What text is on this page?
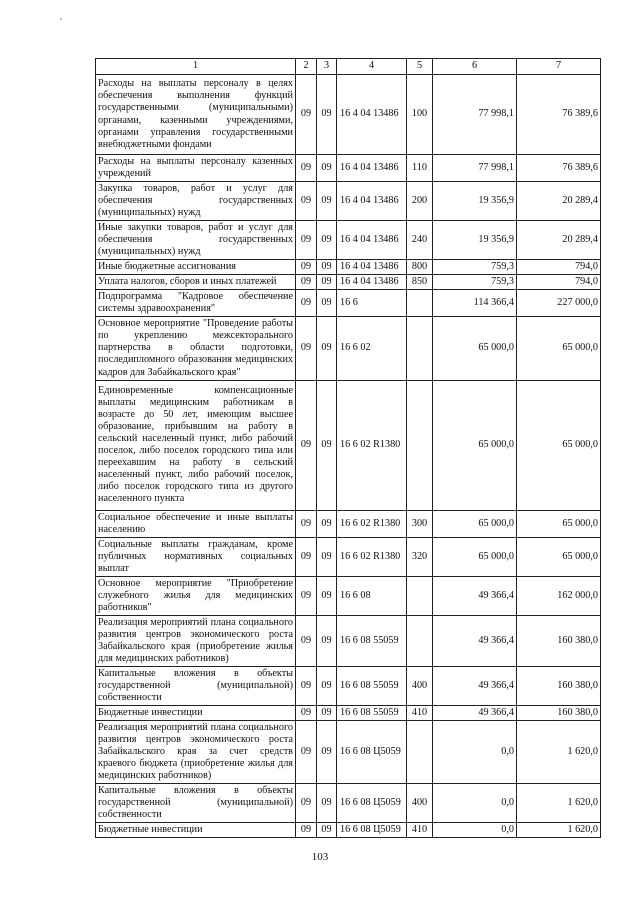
1	2	3	4	5	6	7
Расходы на выплаты персоналу в целях обеспечения выполнения функций государственными (муниципальными) органами, казенными учреждениями, органами управления государственными внебюджетными фондами	09	09	16 4 04 13486	100	77 998,1	76 389,6
Расходы на выплаты персоналу казенных учреждений	09	09	16 4 04 13486	110	77 998,1	76 389,6
Закупка товаров, работ и услуг для обеспечения государственных (муниципальных) нужд	09	09	16 4 04 13486	200	19 356,9	20 289,4
Иные закупки товаров, работ и услуг для обеспечения государственных (муниципальных) нужд	09	09	16 4 04 13486	240	19 356,9	20 289,4
Иные бюджетные ассигнования	09	09	16 4 04 13486	800	759,3	794,0
Уплата налогов, сборов и иных платежей	09	09	16 4 04 13486	850	759,3	794,0
Подпрограмма "Кадровое обеспечение системы здравоохранения"	09	09	16 6		114 366,4	227 000,0
Основное мероприятие "Проведение работы по укреплению межсекторального партнерства в области подготовки, последипломного образования медицинских кадров для Забайкальского края"	09	09	16 6 02		65 000,0	65 000,0
Единовременные компенсационные выплаты медицинским работникам в возрасте до 50 лет, имеющим высшее образование, прибывшим на работу в сельский населенный пункт, либо рабочий поселок, либо поселок городского типа или переехавшим на работу в сельский населенный пункт, либо рабочий поселок, либо поселок городского типа из другого населенного пункта	09	09	16 6 02 R1380		65 000,0	65 000,0
Социальное обеспечение и иные выплаты населению	09	09	16 6 02 R1380	300	65 000,0	65 000,0
Социальные выплаты гражданам, кроме публичных нормативных социальных выплат	09	09	16 6 02 R1380	320	65 000,0	65 000,0
Основное мероприятие "Приобретение служебного жилья для медицинских работников"	09	09	16 6 08		49 366,4	162 000,0
Реализация мероприятий плана социального развития центров экономического роста Забайкальского края (приобретение жилья для медицинских работников)	09	09	16 6 08 55059		49 366,4	160 380,0
Капитальные вложения в объекты государственной (муниципальной) собственности	09	09	16 6 08 55059	400	49 366,4	160 380,0
Бюджетные инвестиции	09	09	16 6 08 55059	410	49 366,4	160 380,0
Реализация мероприятий плана социального развития центров экономического роста Забайкальского края за счет средств краевого бюджета (приобретение жилья для медицинских работников)	09	09	16 6 08 Ц5059		0,0	1 620,0
Капитальные вложения в объекты государственной (муниципальной) собственности	09	09	16 6 08 Ц5059	400	0,0	1 620,0
Бюджетные инвестиции	09	09	16 6 08 Ц5059	410	0,0	1 620,0
103
